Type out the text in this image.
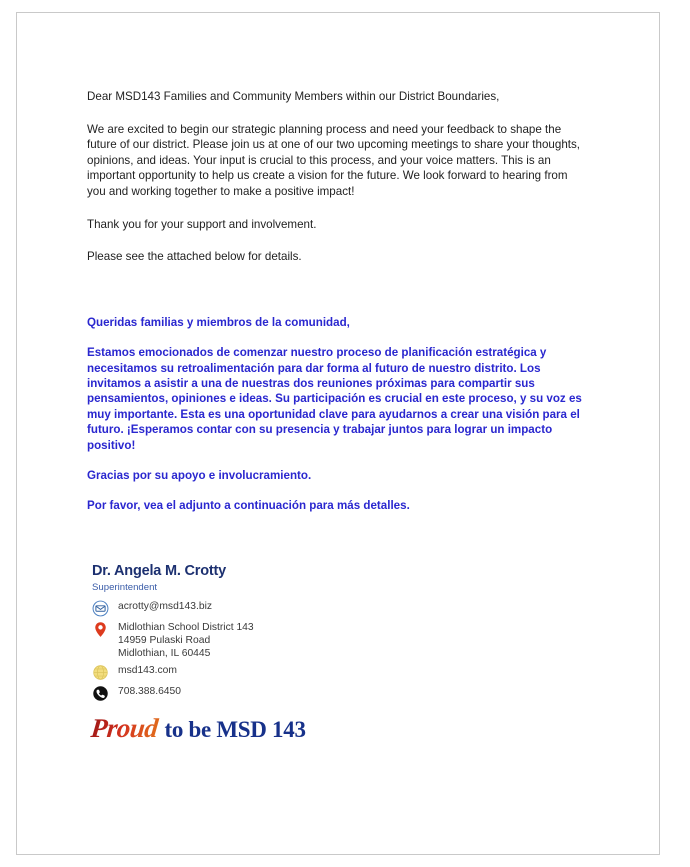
Dear MSD143 Families and Community Members within our District Boundaries,

We are excited to begin our strategic planning process and need your feedback to shape the future of our district. Please join us at one of our two upcoming meetings to share your thoughts, opinions, and ideas. Your input is crucial to this process, and your voice matters. This is an important opportunity to help us create a vision for the future. We look forward to hearing from you and working together to make a positive impact!

Thank you for your support and involvement.

Please see the attached below for details.

Queridas familias y miembros de la comunidad,

Estamos emocionados de comenzar nuestro proceso de planificación estratégica y necesitamos su retroalimentación para dar forma al futuro de nuestro distrito. Los invitamos a asistir a una de nuestras dos reuniones próximas para compartir sus pensamientos, opiniones e ideas. Su participación es crucial en este proceso, y su voz es muy importante. Esta es una oportunidad clave para ayudarnos a crear una visión para el futuro. ¡Esperamos contar con su presencia y trabajar juntos para lograr un impacto positivo!

Gracias por su apoyo e involucramiento.

Por favor, vea el adjunto a continuación para más detalles.

Dr. Angela M. Crotty
Superintendent
acrotty@msd143.biz
Midlothian School District 143
14959 Pulaski Road
Midlothian, IL 60445
msd143.com
708.388.6450
Proud to be MSD 143
